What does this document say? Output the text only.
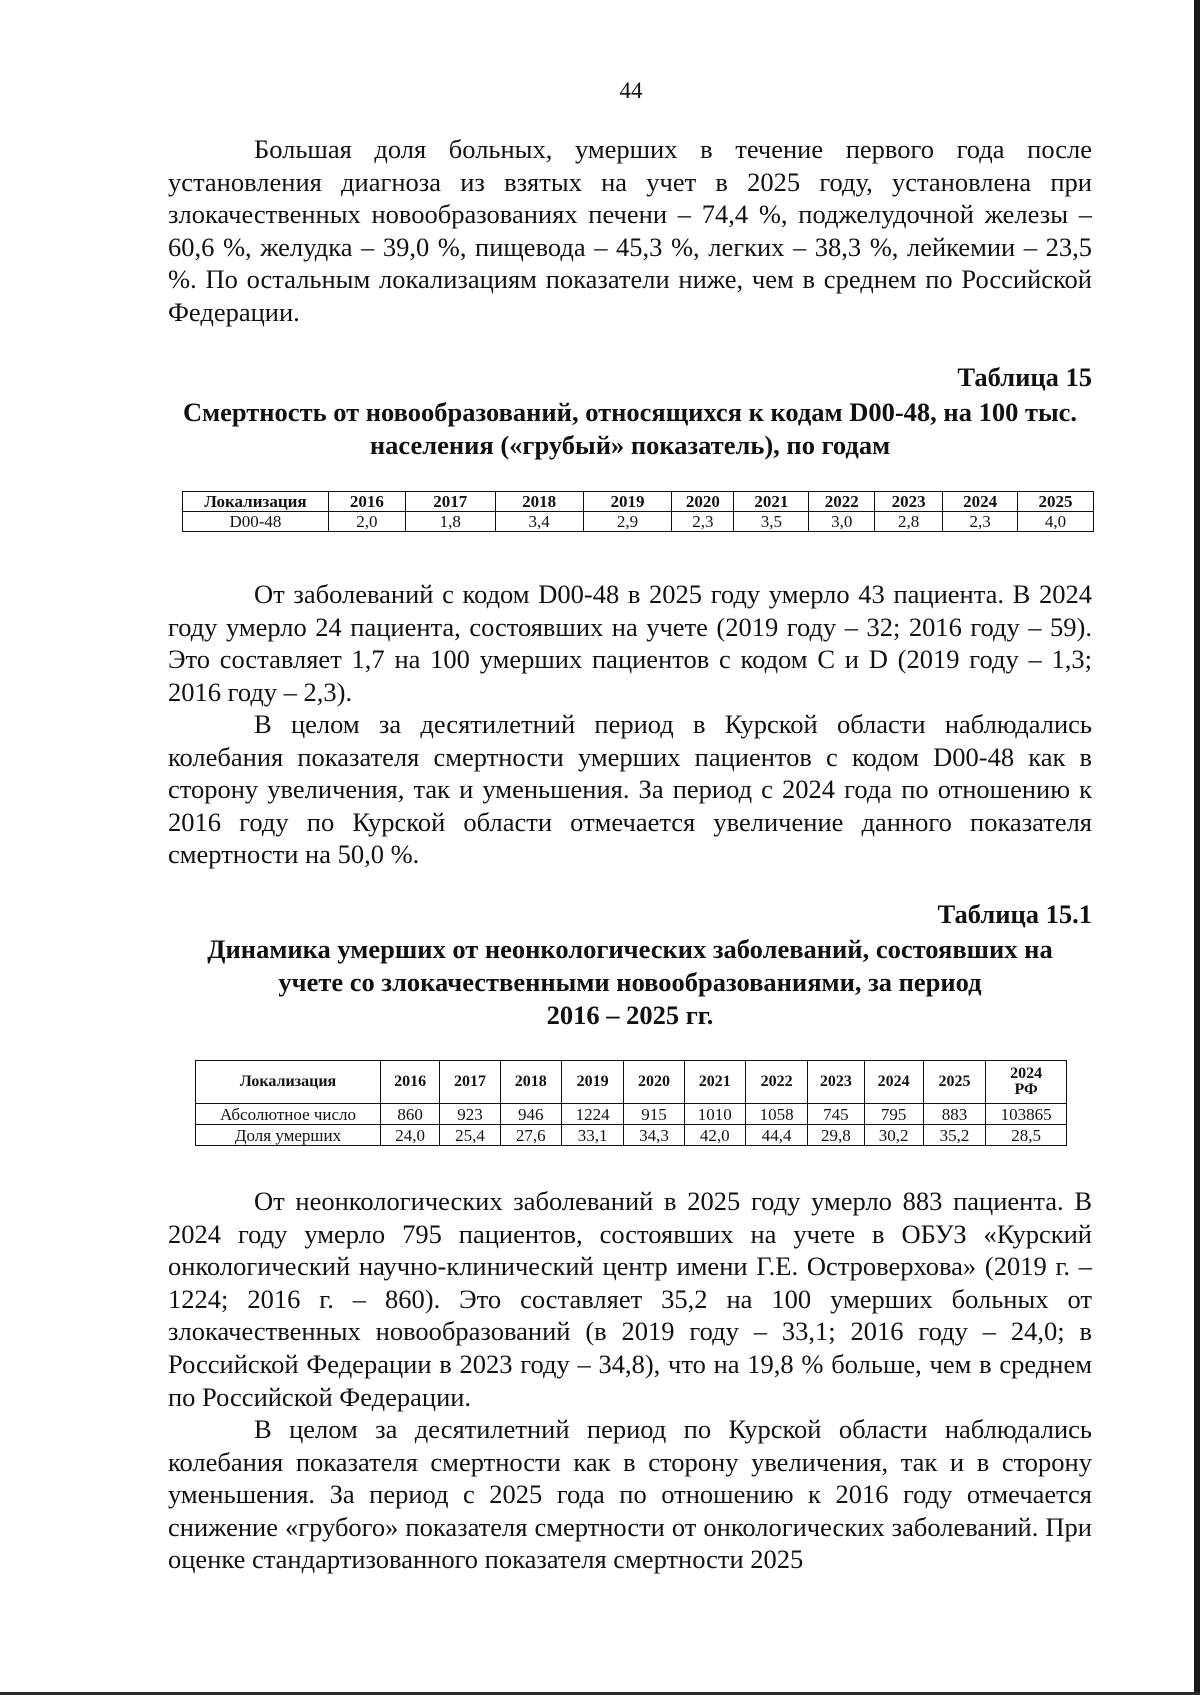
44

Большая доля больных, умерших в течение первого года после установления диагноза из взятых на учет в 2025 году, установлена при злокачественных новообразованиях печени – 74,4 %, поджелудочной железы – 60,6 %, желудка – 39,0 %, пищевода – 45,3 %, легких – 38,3 %, лейкемии – 23,5 %. По остальным локализациям показатели ниже, чем в среднем по Российской Федерации.

Таблица 15
Смертность от новообразований, относящихся к кодам D00-48, на 100 тыс. населения («грубый» показатель), по годам
Локализация	2016	2017	2018	2019	2020	2021	2022	2023	2024	2025
D00-48	2,0	1,8	3,4	2,9	2,3	3,5	3,0	2,8	2,3	4,0

От заболеваний с кодом D00-48 в 2025 году умерло 43 пациента. В 2024 году умерло 24 пациента, состоявших на учете (2019 году – 32; 2016 году – 59). Это составляет 1,7 на 100 умерших пациентов с кодом С и D (2019 году – 1,3; 2016 году – 2,3).

В целом за десятилетний период в Курской области наблюдались колебания показателя смертности умерших пациентов с кодом D00-48 как в сторону увеличения, так и уменьшения. За период с 2024 года по отношению к 2016 году по Курской области отмечается увеличение данного показателя смертности на 50,0 %.

Таблица 15.1
Динамика умерших от неонкологических заболеваний, состоявших на
учете со злокачественными новообразованиями, за период
2016 – 2025 гг.
Локализация	2016	2017	2018	2019	2020	2021	2022	2023	2024	2025	2024
РФ

Абсолютное число	860	923	946	1224	915	1010	1058	745	795	883	103865
Доля умерших	24,0	25,4	27,6	33,1	34,3	42,0	44,4	29,8	30,2	35,2	28,5

От неонкологических заболеваний в 2025 году умерло 883 пациента. В 2024 году умерло 795 пациентов, состоявших на учете в ОБУЗ «Курский онкологический научно-клинический центр имени Г.Е. Островерхова» (2019 г. – 1224; 2016 г. – 860). Это составляет 35,2 на 100 умерших больных от злокачественных новообразований (в 2019 году – 33,1; 2016 году – 24,0; в Российской Федерации в 2023 году – 34,8), что на 19,8 % больше, чем в среднем по Российской Федерации.

В целом за десятилетний период по Курской области наблюдались колебания показателя смертности как в сторону увеличения, так и в сторону уменьшения. За период с 2025 года по отношению к 2016 году отмечается снижение «грубого» показателя смертности от онкологических заболеваний. При оценке стандартизованного показателя смертности 2025
